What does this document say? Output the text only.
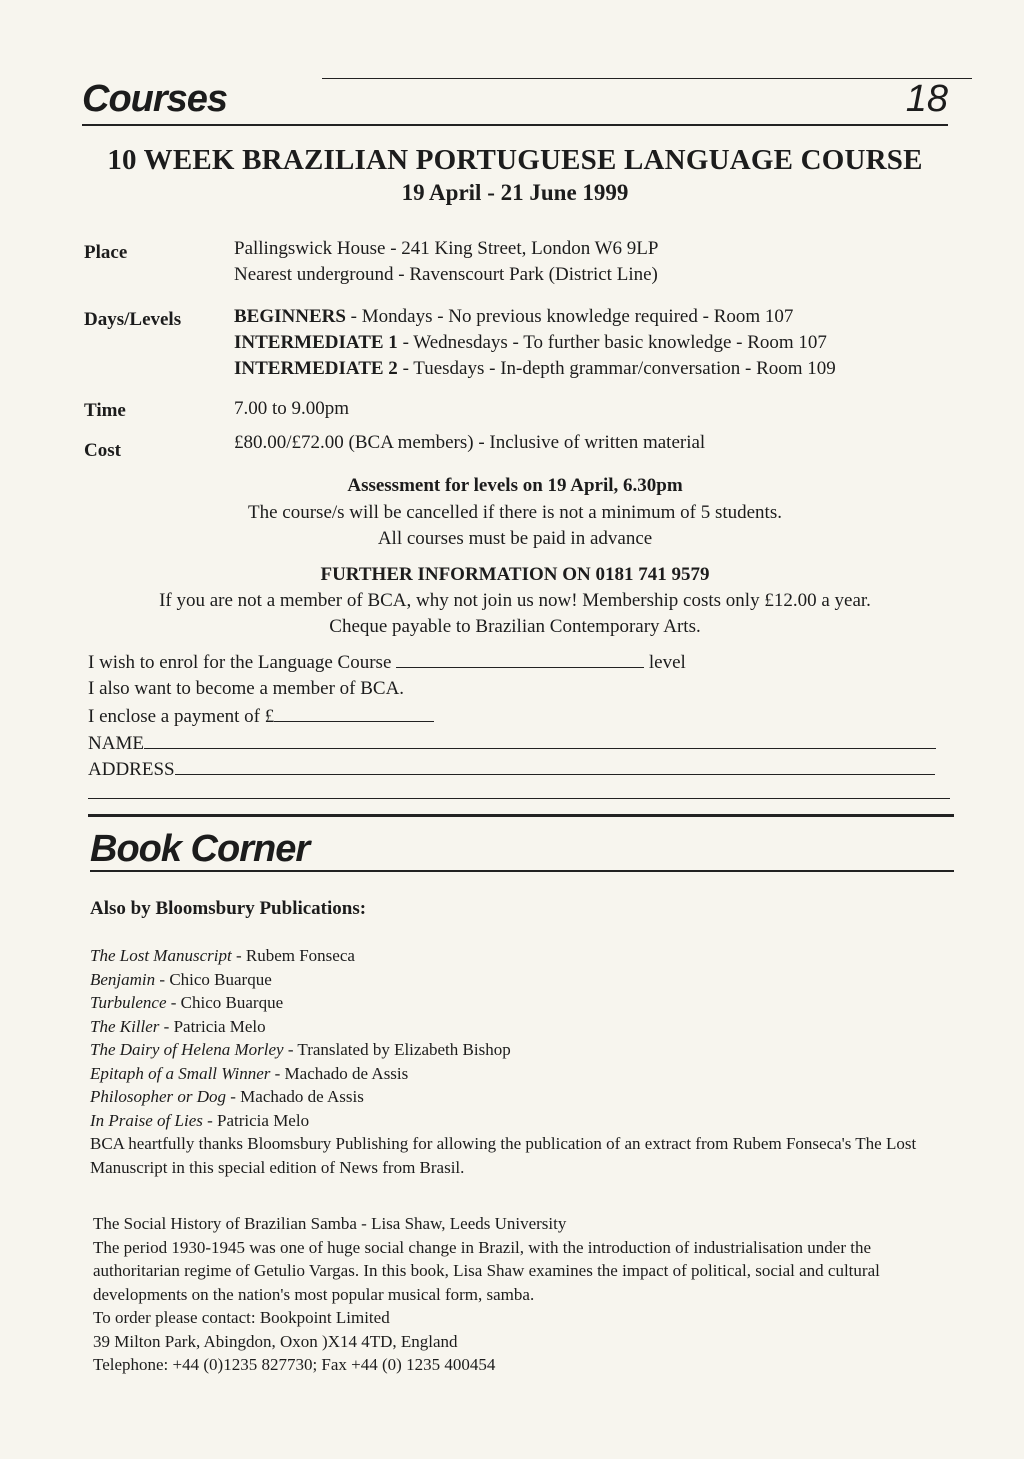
Courses	18
10 WEEK BRAZILIAN PORTUGUESE LANGUAGE COURSE
19 April - 21 June 1999
Place	Pallingswick House - 241 King Street, London W6 9LP
Nearest underground - Ravenscourt Park (District Line)
Days/Levels	BEGINNERS - Mondays - No previous knowledge required - Room 107
INTERMEDIATE 1 - Wednesdays - To further basic knowledge - Room 107
INTERMEDIATE 2 - Tuesdays - In-depth grammar/conversation - Room 109
Time	7.00 to 9.00pm
Cost	£80.00/£72.00 (BCA members) - Inclusive of written material
Assessment for levels on 19 April, 6.30pm
The course/s will be cancelled if there is not a minimum of 5 students.
All courses must be paid in advance
FURTHER INFORMATION ON 0181 741 9579
If you are not a member of BCA, why not join us now! Membership costs only £12.00 a year.
Cheque payable to Brazilian Contemporary Arts.
I wish to enrol for the Language Course	level
I also want to become a member of BCA.
I enclose a payment of £
NAME
ADDRESS
Book Corner
Also by Bloomsbury Publications:
The Lost Manuscript - Rubem Fonseca
Benjamin - Chico Buarque
Turbulence - Chico Buarque
The Killer - Patricia Melo
The Dairy of Helena Morley - Translated by Elizabeth Bishop
Epitaph of a Small Winner - Machado de Assis
Philosopher or Dog - Machado de Assis
In Praise of Lies - Patricia Melo
BCA heartfully thanks Bloomsbury Publishing for allowing the publication of an extract from Rubem Fonseca's The Lost Manuscript in this special edition of News from Brasil.
The Social History of Brazilian Samba - Lisa Shaw, Leeds University
The period 1930-1945 was one of huge social change in Brazil, with the introduction of industrialisation under the authoritarian regime of Getulio Vargas. In this book, Lisa Shaw examines the impact of political, social and cultural developments on the nation's most popular musical form, samba.
To order please contact: Bookpoint Limited
39 Milton Park, Abingdon, Oxon )X14 4TD, England
Telephone: +44 (0)1235 827730; Fax +44 (0) 1235 400454
